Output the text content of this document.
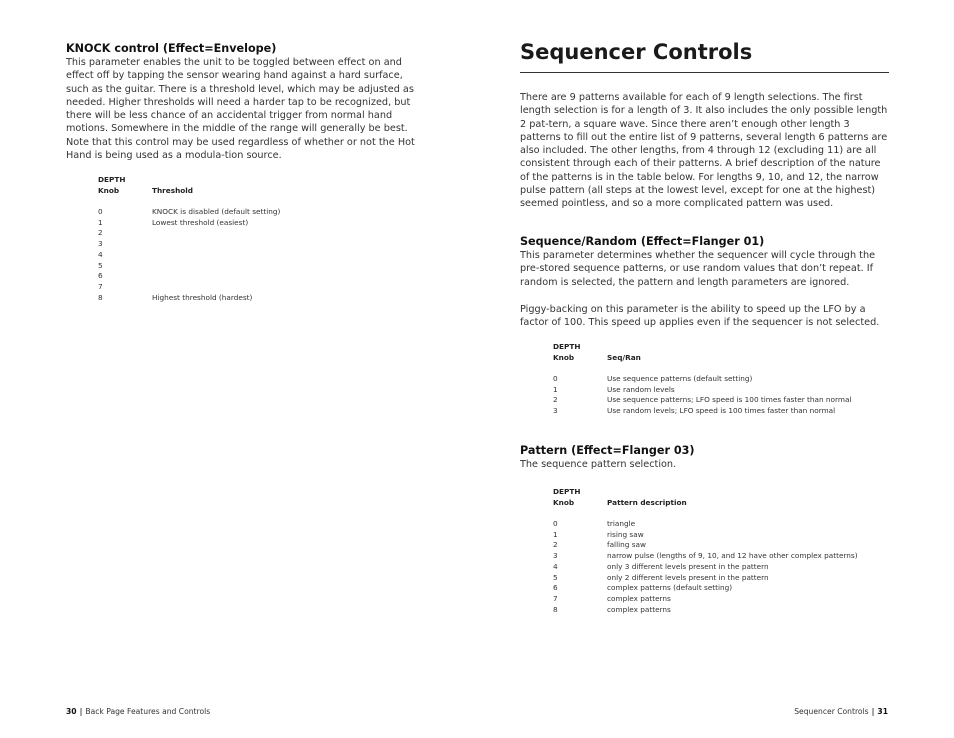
KNOCK control (Effect=Envelope)

This parameter enables the unit to be toggled between effect on and effect off by tapping the sensor wearing hand against a hard surface, such as the guitar. There is a threshold level, which may be adjusted as needed. Higher thresholds will need a harder tap to be recognized, but there will be less chance of an accidental trigger from normal hand motions. Somewhere in the middle of the range will generally be best. Note that this control may be used regardless of whether or not the Hot Hand is being used as a modula-tion source.

DEPTH
Knob	Threshold
0	KNOCK is disabled (default setting)
1	Lowest threshold (easiest)
2
3
4
5
6
7
8	Highest threshold (hardest)
30 | Back Page Features and Controls
Sequencer Controls

There are 9 patterns available for each of 9 length selections. The first length selection is for a length of 3. It also includes the only possible length 2 pat-tern, a square wave. Since there aren’t enough other length 3 patterns to fill out the entire list of 9 patterns, several length 6 patterns are also included. The other lengths, from 4 through 12 (excluding 11) are all consistent through each of their patterns. A brief description of the nature of the patterns is in the table below. For lengths 9, 10, and 12, the narrow pulse pattern (all steps at the lowest level, except for one at the highest) seemed pointless, and so a more complicated pattern was used.

Sequence/Random (Effect=Flanger 01)

This parameter determines whether the sequencer will cycle through the pre-stored sequence patterns, or use random values that don’t repeat. If random is selected, the pattern and length parameters are ignored.

Piggy-backing on this parameter is the ability to speed up the LFO by a factor of 100. This speed up applies even if the sequencer is not selected.

DEPTH
Knob	Seq/Ran
0	Use sequence patterns (default setting)
1	Use random levels
2	Use sequence patterns; LFO speed is 100 times faster than normal
3	Use random levels; LFO speed is 100 times faster than normal

Pattern (Effect=Flanger 03)

The sequence pattern selection.

DEPTH
Knob	Pattern description
0	triangle
1	rising saw
2	falling saw
3	narrow pulse (lengths of 9, 10, and 12 have other complex patterns)
4	only 3 different levels present in the pattern
5	only 2 different levels present in the pattern
6	complex patterns (default setting)
7	complex patterns
8	complex patterns
Sequencer Controls | 31
